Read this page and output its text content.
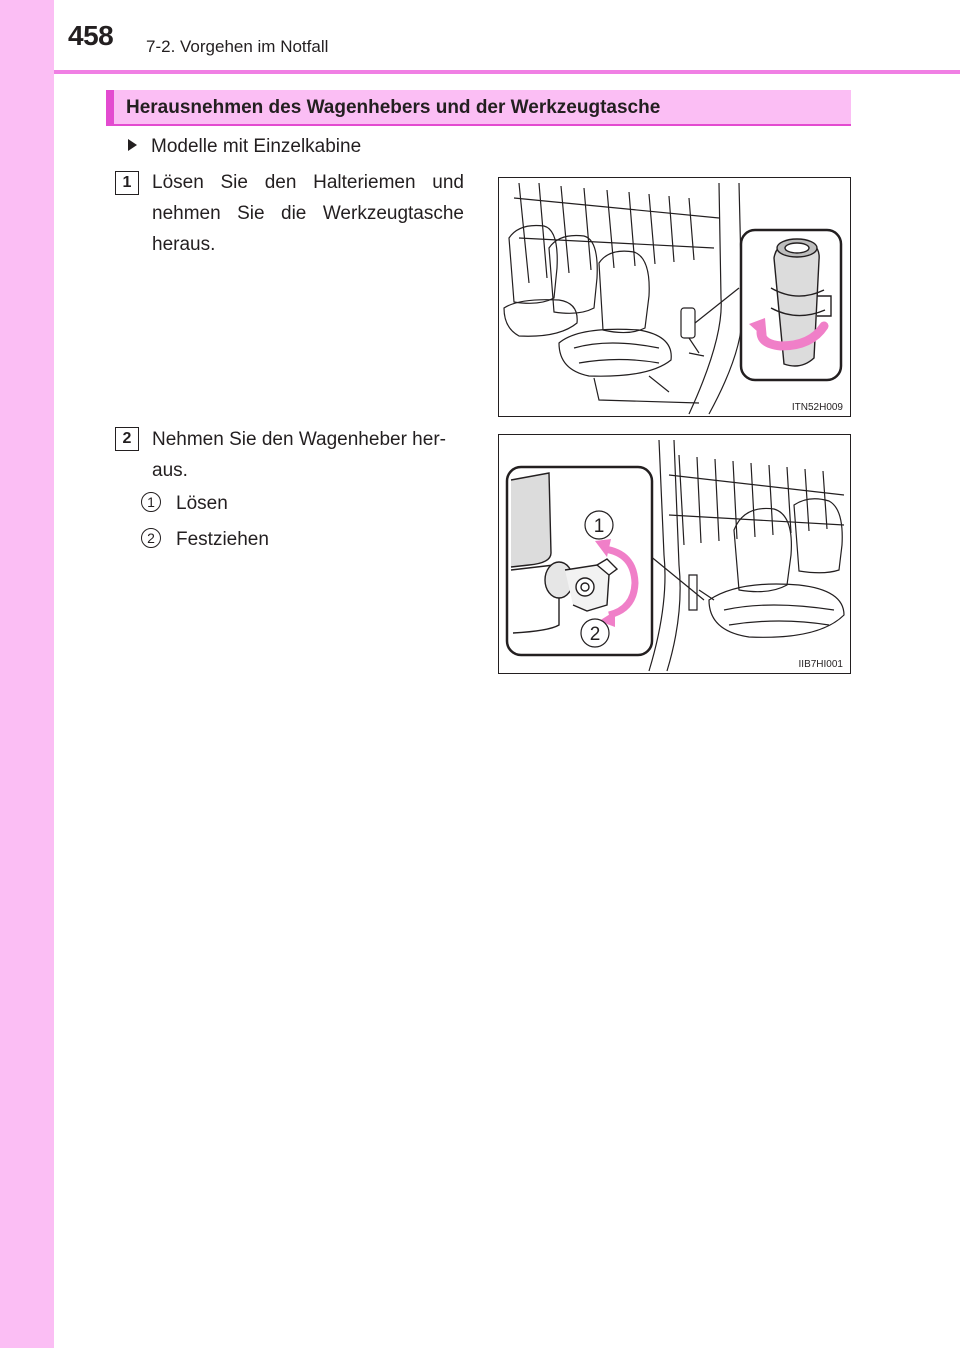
458 7-2. Vorgehen im Notfall
Herausnehmen des Wagenhebers und der Werkzeugtasche
Modelle mit Einzelkabine
1	Lösen Sie den Halteriemen und nehmen Sie die Werkzeugtasche heraus.
ITN52H009
2	Nehmen Sie den Wagenheber her-aus.
1 Lösen
2 Festziehen
1
2
IIB7HI001
